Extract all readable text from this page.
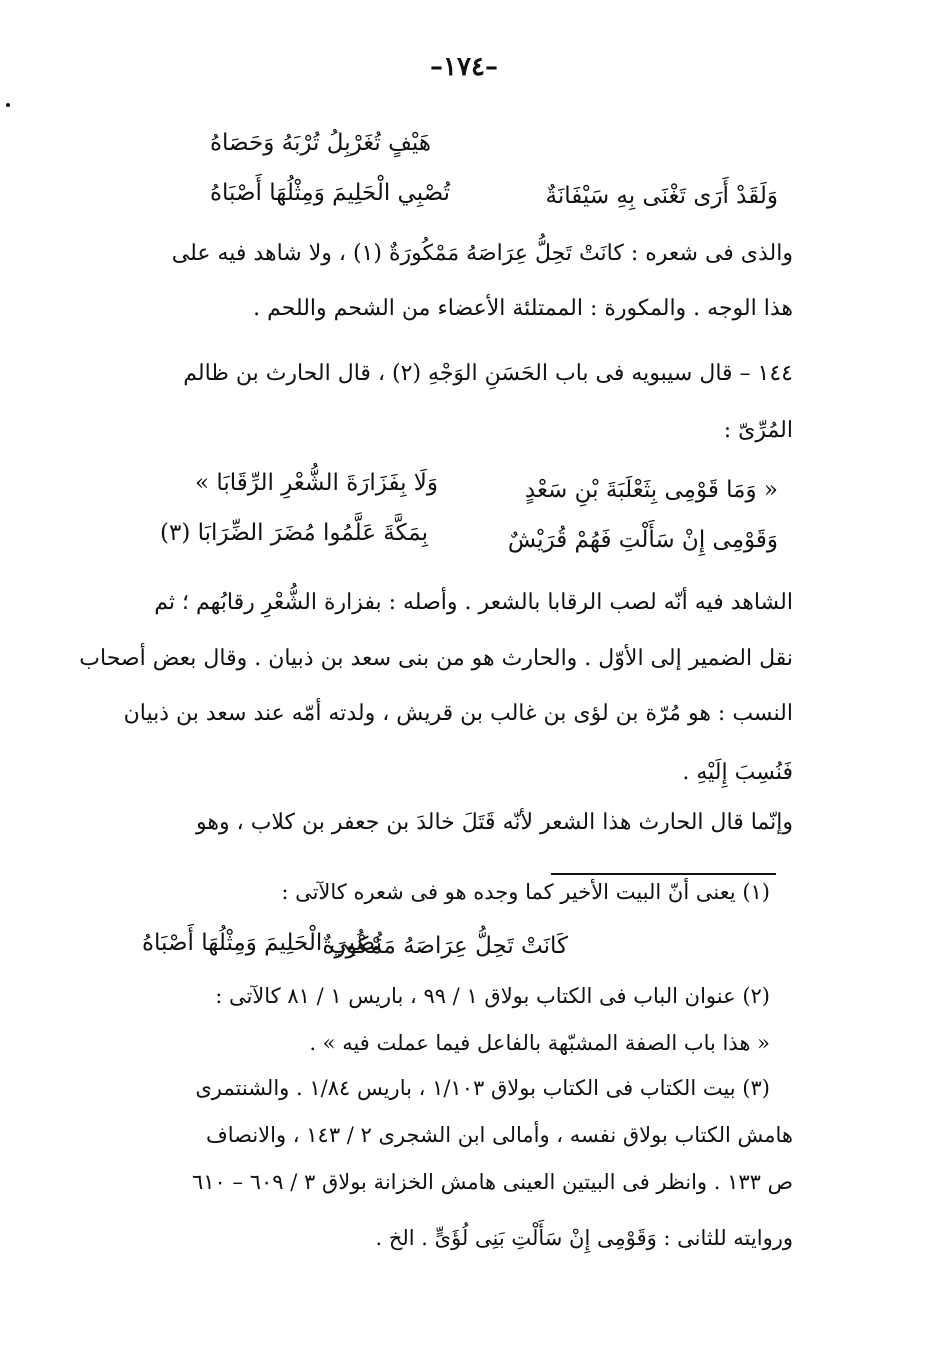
–١٧٤–
هَيْفٍ تُغَرْبِلُ تُرْبَهُ وَحَصَاهُ
وَلَقَدْ أَرَى تَغْنَى بِهِ سَيْفَانَةٌ
تُصْبِي الْحَلِيمَ وَمِثْلُهَا أَصْبَاهُ
والذى فى شعره : كانَتْ تَحِلُّ عِرَاصَهُ مَمْكُورَةٌ (١) ، ولا شاهد فيه على
هذا الوجه . والمكورة : الممتلئة الأعضاء من الشحم واللحم .
١٤٤ – قال سيبويه فى باب الحَسَنِ الوَجْهِ (٢) ، قال الحارث بن ظالم
المُرِّىّ :
« وَمَا قَوْمِى بِثَعْلَبَةَ بْنِ سَعْدٍ
وَلَا بِفَزَارَةَ الشُّعْرِ الرِّقَابَا »
وَقَوْمِى إِنْ سَأَلْتِ فَهُمْ قُرَيْشٌ
بِمَكَّةَ عَلَّمُوا مُضَرَ الضِّرَابَا (٣)
الشاهد فيه أنّه لصب الرقابا بالشعر . وأصله : بفزارة الشُّعْرِ رقابُهم ؛ ثم
نقل الضمير إلى الأوّل . والحارث هو من بنى سعد بن ذبيان . وقال بعض أصحاب
النسب : هو مُرّة بن لؤى بن غالب بن قريش ، ولدته أمّه عند سعد بن ذبيان
فَنُسِبَ إِلَيْهِ .
وإنّما قال الحارث هذا الشعر لأنّه قَتَلَ خالدَ بن جعفر بن كلاب ، وهو
(١) يعنى أنّ البيت الأخير كما وجده هو فى شعره كالآتى :
كَانَتْ تَحِلُّ عِرَاصَهُ مَمْكُورَةٌ
تُصْبِي الْحَلِيمَ وَمِثْلُهَا أَصْبَاهُ
(٢) عنوان الباب فى الكتاب بولاق ١ / ٩٩ ، باريس ١ / ٨١ كالآتى :
« هذا باب الصفة المشبّهة بالفاعل فيما عملت فيه » .
(٣) بيت الكتاب فى الكتاب بولاق ١/١٠٣ ، باريس ١/٨٤ . والشنتمرى
هامش الكتاب بولاق نفسه ، وأمالى ابن الشجرى ٢ / ١٤٣ ، والانصاف
ص ١٣٣ . وانظر فى البيتين العينى هامش الخزانة بولاق ٣ / ٦٠٩ – ٦١٠
وروايته للثانى : وَقَوْمِى إِنْ سَأَلْتِ بَنِى لُؤَىٍّ . الخ .
